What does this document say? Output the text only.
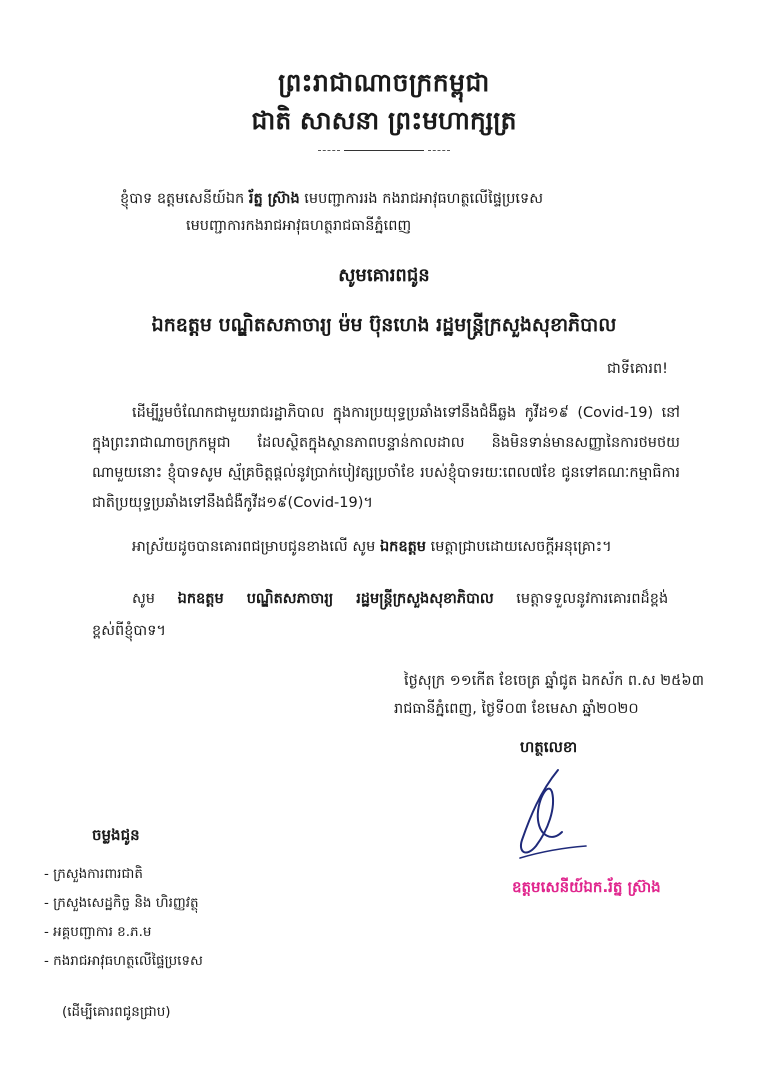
ព្រះរាជាណាចក្រកម្ពុជា
ជាតិ សាសនា ព្រះមហាក្សត្រ
ខ្ញុំបាទ ឧត្តមសេនីយ៍ឯក រ័ត្ន ស្រ៊ាង មេបញ្ជាការរង កងរាជអាវុធហត្ថលើផ្ទៃប្រទេស
មេបញ្ជាការកងរាជអាវុធហត្ថរាជធានីភ្នំពេញ
សូមគោរពជូន
ឯកឧត្តម បណ្ឌិតសភាចារ្យ ម៉ម ប៊ុនហេង រដ្ឋមន្ត្រីក្រសួងសុខាភិបាល
ជាទីគោរព!
ដើម្បីរួមចំណែកជាមួយរាជរដ្ឋាភិបាល ក្នុងការប្រយុទ្ធប្រឆាំងទៅនឹងជំងឺឆ្លង កូវីដ១៩ (Covid-19) នៅក្នុងព្រះរាជាណាចក្រកម្ពុជា ដែលស្ថិតក្នុងស្ថានភាពបន្ទាន់កាលដាល និងមិនទាន់មានសញ្ញានៃការថមថយណាមួយនោះ ខ្ញុំបាទសូម ស្ម័គ្រចិត្តផ្តល់នូវប្រាក់បៀវត្សប្រចាំខែ របស់ខ្ញុំបាទរយៈពេល៧ខែ ជូនទៅគណៈកម្មាធិការជាតិប្រយុទ្ធប្រឆាំងទៅនឹងជំងឺកូវីដ១៩(Covid-19)។
អាស្រ័យដូចបានគោរពជម្រាបជូនខាងលើ សូម ឯកឧត្តម មេត្តាជ្រាបដោយសេចក្តីអនុគ្រោះ។
សូម ឯកឧត្តម បណ្ឌិតសភាចារ្យ រដ្ឋមន្ត្រីក្រសួងសុខាភិបាល មេត្តាទទួលនូវការគោរពដ៏ខ្ពង់ខ្ពស់ពីខ្ញុំបាទ។
ថ្ងៃសុក្រ ១១កើត ខែចេត្រ ឆ្នាំជូត ឯកស័ក ព.ស ២៥៦៣
រាជធានីភ្នំពេញ, ថ្ងៃទី០៣ ខែមេសា ឆ្នាំ២០២០
ហត្ថលេខា
ឧត្តមសេនីយ៍ឯក.រ័ត្ន ស្រ៊ាង
ចម្លងជូន
- ក្រសួងការពារជាតិ
- ក្រសួងសេដ្ឋកិច្ច និង ហិរញ្ញវត្ថុ
- អគ្គបញ្ជាការ ខ.ភ.ម
- កងរាជអាវុធហត្ថលើផ្ទៃប្រទេស
(ដើម្បីគោរពជូនជ្រាប)
